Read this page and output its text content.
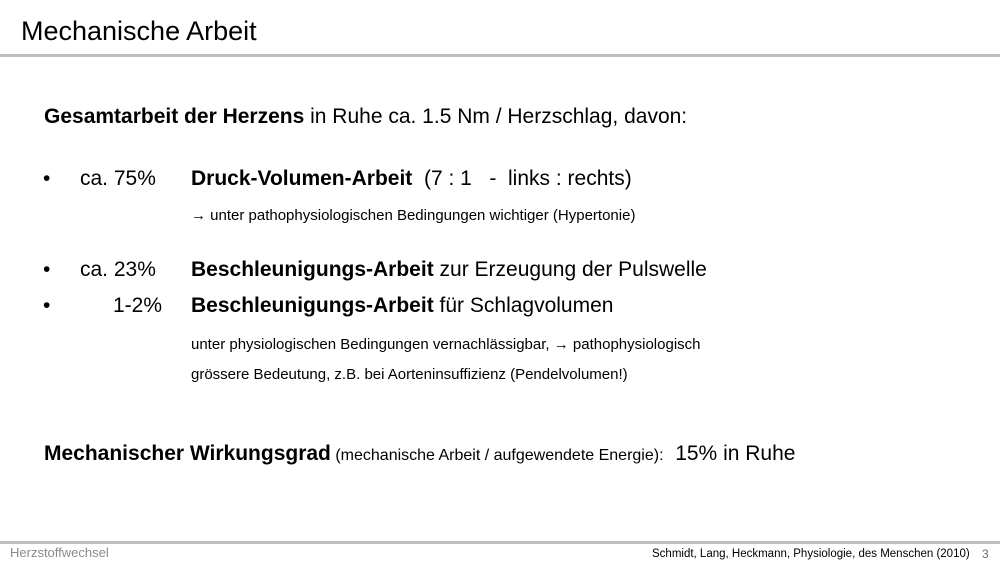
Mechanische Arbeit
Gesamtarbeit der Herzens in Ruhe ca. 1.5 Nm / Herzschlag, davon:
• ca. 75% Druck-Volumen-Arbeit  (7 : 1   -  links : rechts)
→ unter pathophysiologischen Bedingungen wichtiger (Hypertonie)
• ca. 23% Beschleunigungs-Arbeit zur Erzeugung der Pulswelle
•	1-2% Beschleunigungs-Arbeit für Schlagvolumen
unter physiologischen Bedingungen vernachlässigbar, → pathophysiologisch
grössere Bedeutung, z.B. bei Aorteninsuffizienz (Pendelvolumen!)
Mechanischer Wirkungsgrad (mechanische Arbeit / aufgewendete Energie):  15% in Ruhe
Herzstoffwechsel	Schmidt, Lang, Heckmann, Physiologie, des Menschen (2010) 3
